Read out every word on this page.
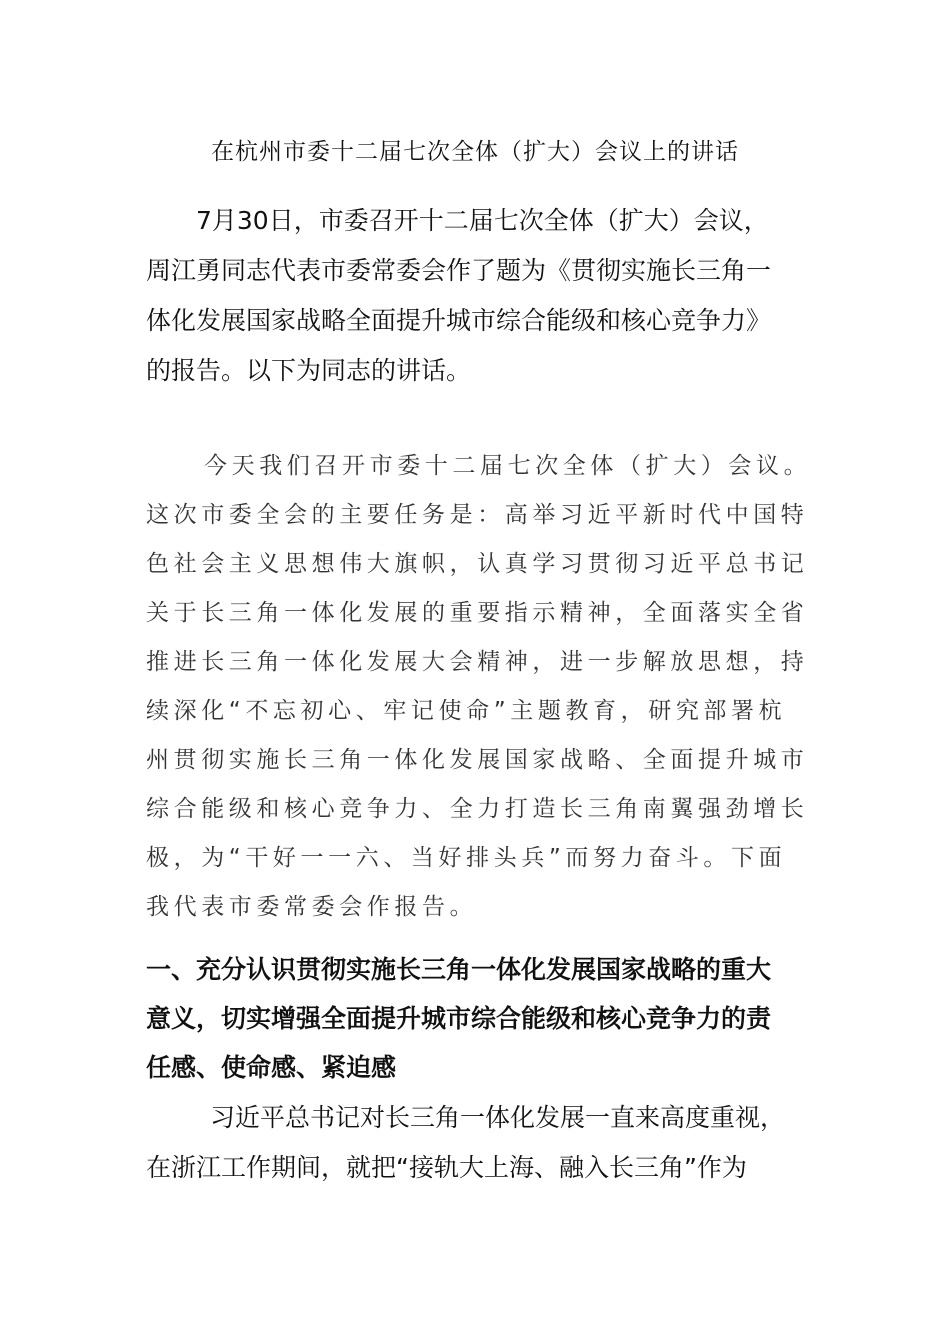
在杭州市委十二届七次全体（扩大）会议上的讲话
7月30日，市委召开十二届七次全体（扩大）会议，
周江勇同志代表市委常委会作了题为《贯彻实施长三角一
体化发展国家战略全面提升城市综合能级和核心竞争力》
的报告。以下为同志的讲话。
今天我们召开市委十二届七次全体（扩大）会议。
这次市委全会的主要任务是：高举习近平新时代中国特
色社会主义思想伟大旗帜，认真学习贯彻习近平总书记
关于长三角一体化发展的重要指示精神，全面落实全省
推进长三角一体化发展大会精神，进一步解放思想，持
续深化“不忘初心、牢记使命”主题教育，研究部署杭
州贯彻实施长三角一体化发展国家战略、全面提升城市
综合能级和核心竞争力、全力打造长三角南翼强劲增长
极，为“干好一一六、当好排头兵”而努力奋斗。下面
我代表市委常委会作报告。
一、充分认识贯彻实施长三角一体化发展国家战略的重大
意义，切实增强全面提升城市综合能级和核心竞争力的责
任感、使命感、紧迫感
习近平总书记对长三角一体化发展一直来高度重视，
在浙江工作期间，就把“接轨大上海、融入长三角”作为
